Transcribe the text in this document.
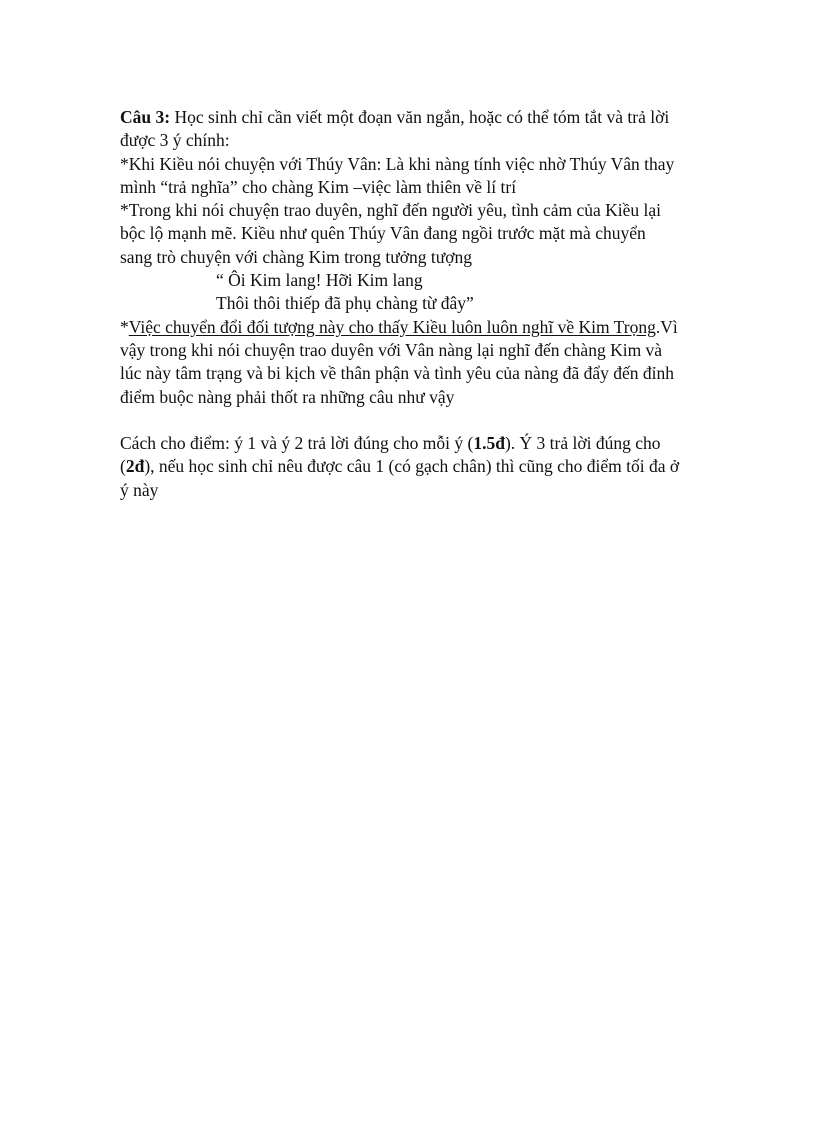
Câu 3: Học sinh chỉ cần viết một đoạn văn ngắn, hoặc có thể tóm tắt và trả lời
được 3 ý chính:
*Khi Kiều nói chuyện với Thúy Vân: Là khi nàng tính việc nhờ Thúy Vân thay
mình “trả nghĩa” cho chàng Kim –việc làm thiên về lí trí
*Trong khi nói chuyện trao duyên, nghĩ đến người yêu, tình cảm của Kiều lại
bộc lộ mạnh mẽ. Kiều như quên Thúy Vân đang ngồi trước mặt mà chuyển
sang trò chuyện với chàng Kim trong tưởng tượng
“ Ôi Kim lang! Hỡi Kim lang
Thôi thôi thiếp đã phụ chàng từ đây”
*Việc chuyển đổi đối tượng này cho thấy Kiều luôn luôn nghĩ về Kim Trọng.Vì
vậy trong khi nói chuyện trao duyên với Vân nàng lại nghĩ đến chàng Kim và
lúc này tâm trạng và bi kịch về thân phận và tình yêu của nàng đã đẩy đến đỉnh
điểm buộc nàng phải thốt ra những câu như vậy
Cách cho điểm: ý 1 và ý 2 trả lời đúng cho mỗi ý (1.5đ). Ý 3 trả lời đúng cho
(2đ), nếu học sinh chỉ nêu được câu 1 (có gạch chân) thì cũng cho điểm tối đa ở
ý này
